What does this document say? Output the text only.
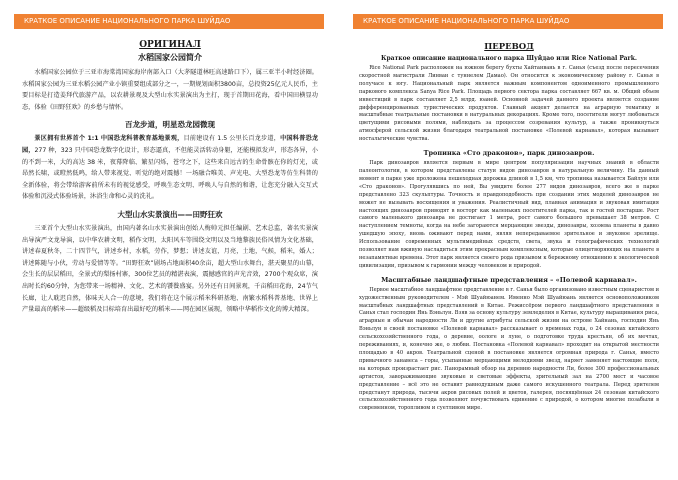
КРАТКОЕ ОПИСАНИЕ НАЦИОНАЛЬНОГО ПАРКА ШУЙДАО
ОРИГИНАЛ
水稻国家公园简介

水稻国家公园位于三亚市海棠湾国家海岸南部入口（大茅隧道林旺高速路口下），属三亚半小时经济圈。水稻国家公园为三亚水稻公园产业小镇重要组成部分之一，一期规划面积3800亩，总投资25亿元人民币，主要目标是打造姜拜代旅游产品，以农耕景观及大型山水实景演出为主打，现于首期田花海，看中国田横显功态，体验《田野狂欢》的乡愁与情怀。

百龙步道，明星恐龙园微现

景区拥有世界首个 1:1 中国恐龙科普教育基地景观，目前建设有 1.5 公里长百龙步道，中国科普恐龙园，277 种，323 只中国恐龙数字化设计，形态逼真，不但能灵活转动身躯，还能模拟发声，形态各异，小的不到一米，大的高达 38 米，夜幕降临、繁星闪烁，苍穹之下，这些来自远古的生命骨骸在你的灯光，或昂然长啸，或瞪然低鸣，给人带来视觉、听觉的绝对震撼！一场融合唯美、声光电、大型恐龙等仿生科普的全新体验，将会带给游客前所未有的视觉感受，呼唤生态文明、呼唤人与自然的和谐，让您充分融入交互式体验和沉浸式体验场景，沐浴生命和心灵的洗礼。

大型山水实景演出——田野狂欢

三亚首个大型山水实景演出，由国内著名山水实景演出创始人梅帅元担任编剧、艺术总监，著名实景演出导演严文龙导演，以中华农耕文明，稻作文明、太阳风车等围绕文明以及当地黎族民俗风情为文化基础，讲述春夏秋冬，二十四节气，讲述乡村，水稻，劳作，梦想；讲述友谊，月亮，土地，气候，稻米，婚人；讲述陈随与小伙，劳动与爱情等等。“田野狂欢”剧场占地面积40余亩，超大型山水舞台，湛天聚星的山幕，会生长的层层稻田，全景式的梨扬村寨，300位艺员的精湛表演，震撼感官的声光音效，2700个观众席，演出时长约60分钟，为您带来一场精神、文化、艺术的饕餮盛宴。另外还有日间景观，千亩稻田花海，24节气长廊，让人耽迟自然，体味天人合一的意境，我们将在这个展示稻米科研基地、南繁水稻科普基地、世界上产量最高的稻米——超级稻及目标培育出最好吃的稻米——网在园区展现，领略中华稻作文化的博大精深。

КРАТКОЕ ОПИСАНИЕ НАЦИОНАЛЬНОГО ПАРКА ШУЙДАО
ПЕРЕВОД
Краткое описание национального парка Шуйдао или Rice National Park.

Rice National Park расположен на южном берегу бухты Хайтанвань в г. Санья (съезд после пересечения скоростной магистрали Линван с туннелем Дамао). Он относится к экономическому району г. Санья в получасе к югу. Национальный парк является важным компонентом одноименного промышленного паркового комплекса Sanya Rice Park. Площадь первого сектора парка составляет 667 кв. м. Общий объем инвестиций в парк составляет 2,5 млрд. юаней. Основной задачей данного проекта является создание дифференцированных туристических продуктов. Главный акцент делается на аграрную тематику и масштабные театральные постановки в натуральных декорациях. Кроме того, посетители могут любоваться цветущими рисовыми полями, наблюдать за процессом созревания культур, а также проникнуться атмосферой сельской жизни благодаря театральной постановке «Полевой карнавал», которая вызывает ностальгические чувства.

Тропинка «Сто драконов», парк динозавров.

Парк динозавров является первым в мире центром популяризации научных знаний в области палеонтологии, в котором представлены статуи видов динозавров в натуральную величину. На данный момент в парке уже проложена пешеходная дорожка длиной в 1,5 км, что тропинка называется Байлун или «Сто драконов». Прогулявшись по ней, Вы увидите более 277 видов динозавров, всего же в парке представлено 323 скульптуры. Точность и правдоподобность при создании этих моделей динозавров не может не вызывать восхищения и уважения. Реалистичный вид, плавная анимация и звуковая имитация настоящих динозавров приводят в восторг как маленьких посетителей парка, так и гостей постарше. Рост самого маленького динозавра не достигает 1 метра, рост самого большого превышает 38 метров. С наступлением темноты, когда на небе загораются мерцающие звезды, динозавры, хозяева планеты в давно ушедшую эпоху, вновь оживают перед нами, являя непередаваемое зрительное и звуковое зрелище. Использование современных мультимедийных средств, света, звука и голографических технологий позволяет нам вживую насладиться этим прекрасным комплексным, которые олицетворяющих на планете в незапамятные времена. Этот парк является своего рода призывом к бережному отношению к экологической цивилизации, призывом к гармонии между человеком и природой.

Масштабные ландшафтные представления – «Полевой карнавал».

Первое масштабное ландшафтное представление в г. Санья было организовано известным сценаристом и художественным руководителем - Мэй Шуайюанем. Именно Мэй Шуайюань является основоположником масштабных ландшафтных представлений в Китае. Режиссёром первого ландшафтного представления в Санья стал господин Янь Вэньлун. Взяв за основу культуру земледелия в Китае, культуру выращивания риса, аграрные и обычаи народности Ли и другие атрибуты сельской жизни на острове Хайнань, господин Янь Вэньлун в своей постановке «Полевой карнавал» рассказывает о временах года, о 24 сезонах китайского сельскохозяйственного года, о деревне, оологе и луне, о подготовке труда крестьян, об их мечтах, переживаниях, и, конечно же, о любви. Постановка «Полевой карнавал» проходит на открытой местности площадью в 40 акров. Театральной сценой в постановке является огромная природа г. Санья, вместо привычного занавеса – горы, усыпанные мерцающими мелодиями звезд, наряет заменяет настоящие поля, на которых произрастает рис. Панорамный обзор на деревню народности Ли, более 300 профессиональных артистов, завораживающие звуковые и световые эффекты, зрительный зал на 2700 мест и часовое представление – всё это не оставит равнодушным даже самого искушенного театрала. Перед зрителем предстанут природа, тысячи акров рисовых полей и цветов, галерея, посвящённая 24 сезонам китайского сельскохозяйственного года позволяют почувствовать единение с природой, о котором многие позабыли в современном, торопливом и суетливом мире.
